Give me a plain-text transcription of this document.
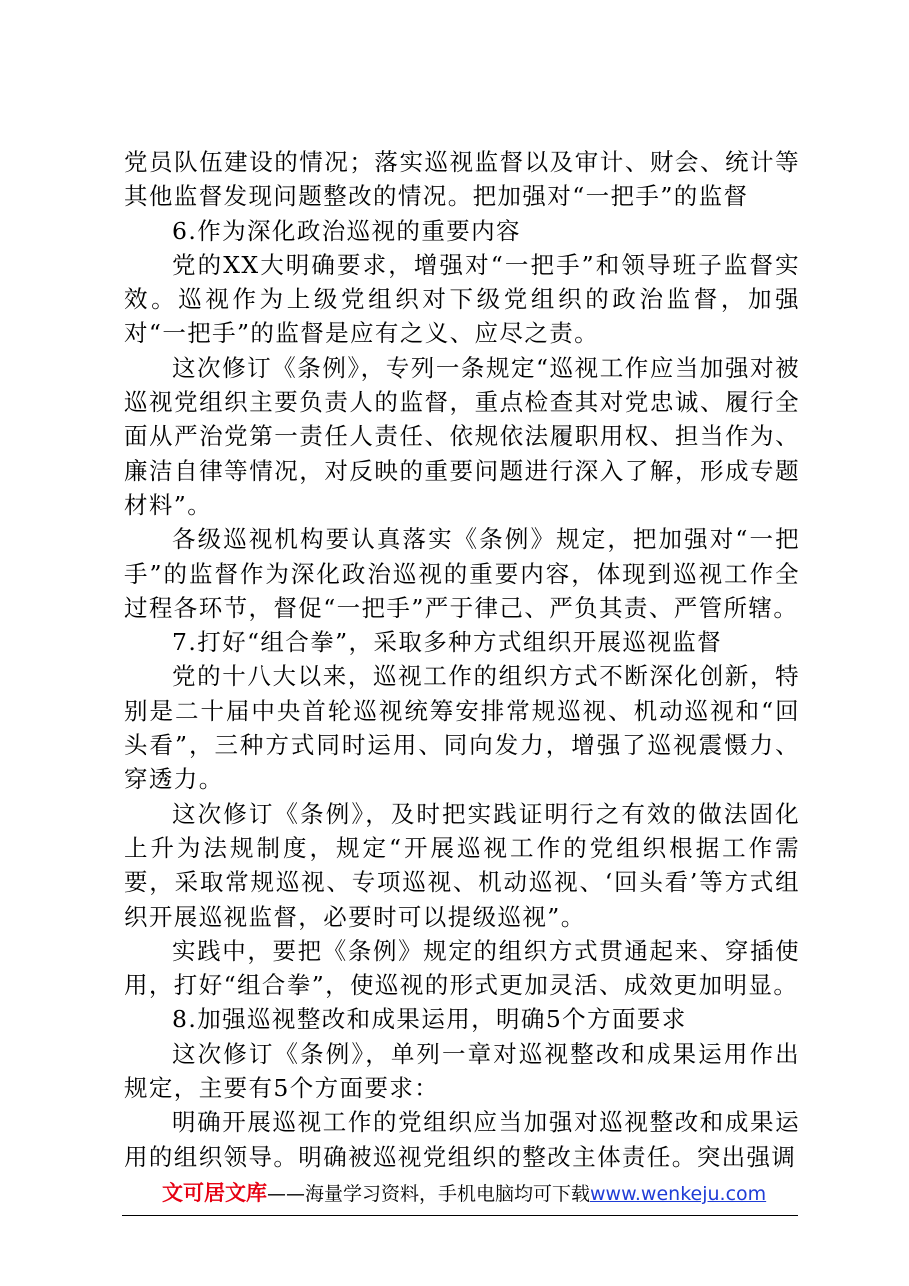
党员队伍建设的情况；落实巡视监督以及审计、财会、统计等其他监督发现问题整改的情况。把加强对“一把手”的监督

6.作为深化政治巡视的重要内容

党的XX大明确要求，增强对“一把手”和领导班子监督实效。巡视作为上级党组织对下级党组织的政治监督，加强对“一把手”的监督是应有之义、应尽之责。

这次修订《条例》，专列一条规定“巡视工作应当加强对被巡视党组织主要负责人的监督，重点检查其对党忠诚、履行全面从严治党第一责任人责任、依规依法履职用权、担当作为、廉洁自律等情况，对反映的重要问题进行深入了解，形成专题材料”。

各级巡视机构要认真落实《条例》规定，把加强对“一把手”的监督作为深化政治巡视的重要内容，体现到巡视工作全过程各环节，督促“一把手”严于律己、严负其责、严管所辖。

7.打好“组合拳”，采取多种方式组织开展巡视监督

党的十八大以来，巡视工作的组织方式不断深化创新，特别是二十届中央首轮巡视统筹安排常规巡视、机动巡视和“回头看”，三种方式同时运用、同向发力，增强了巡视震慑力、穿透力。

这次修订《条例》，及时把实践证明行之有效的做法固化上升为法规制度，规定“开展巡视工作的党组织根据工作需要，采取常规巡视、专项巡视、机动巡视、‘回头看’等方式组织开展巡视监督，必要时可以提级巡视”。

实践中，要把《条例》规定的组织方式贯通起来、穿插使用，打好“组合拳”，使巡视的形式更加灵活、成效更加明显。

8.加强巡视整改和成果运用，明确5个方面要求

这次修订《条例》，单列一章对巡视整改和成果运用作出规定，主要有5个方面要求：

明确开展巡视工作的党组织应当加强对巡视整改和成果运用的组织领导。明确被巡视党组织的整改主体责任。突出强调

文可居文库——海量学习资料，手机电脑均可下载www.wenkeju.com
